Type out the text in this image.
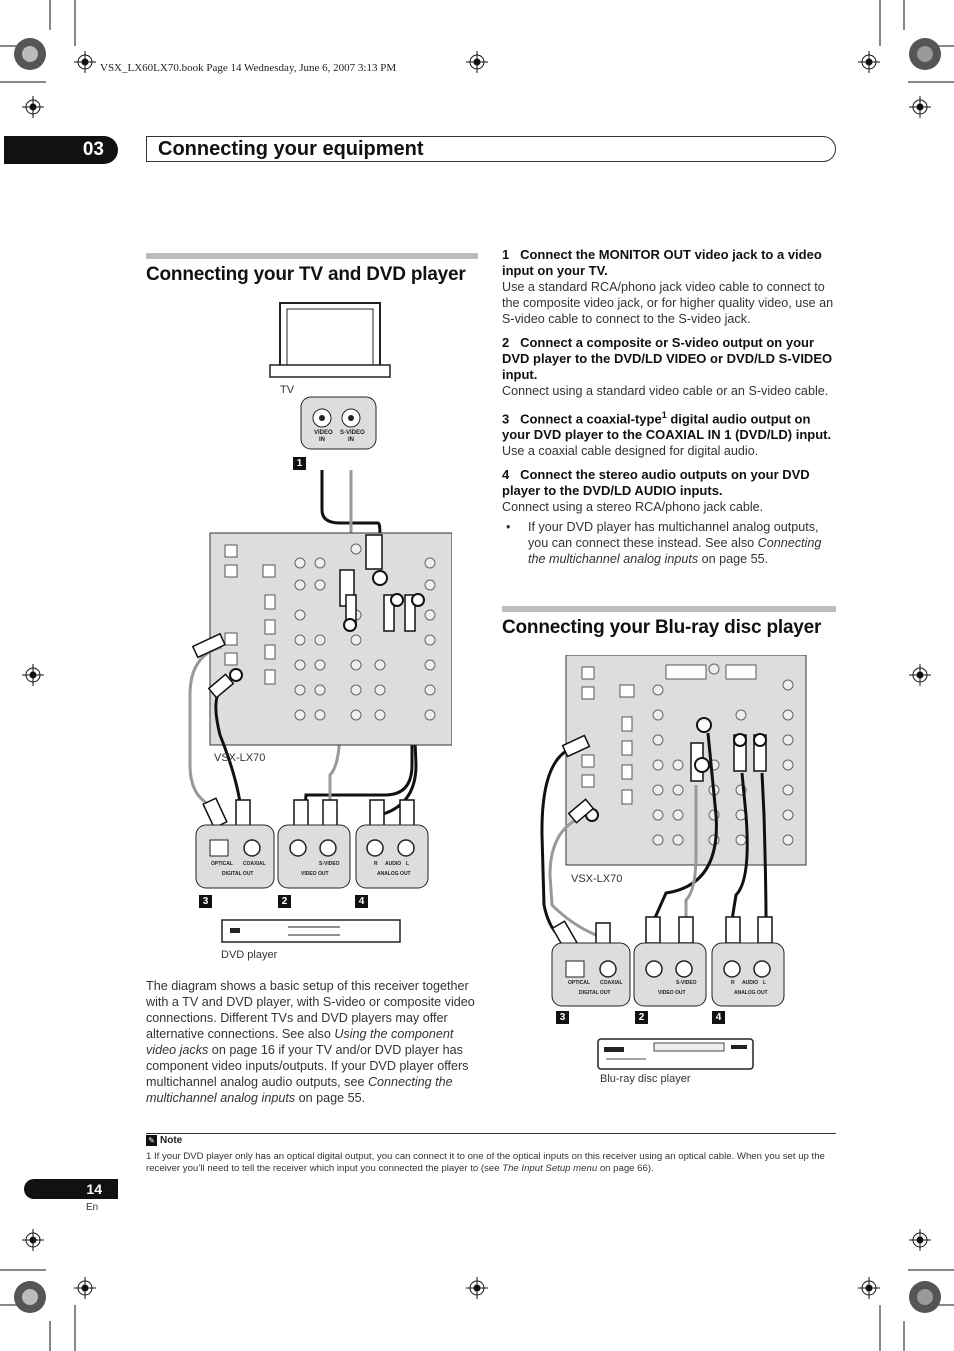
VSX_LX60LX70.book Page 14 Wednesday, June 6, 2007 3:13 PM
03	Connecting your equipment
Connecting your TV and DVD player
TV
VIDEO
IN
S-VIDEO
IN
1
VSX-LX70
OPTICAL COAXIAL
DIGITAL OUT
S-VIDEO
VIDEO OUT
R AUDIO L
ANALOG OUT
3	2	4
DVD player
The diagram shows a basic setup of this receiver together with a TV and DVD player, with S-video or composite video connections. Different TVs and DVD players may offer alternative connections. See also Using the component video jacks on page 16 if your TV and/or DVD player has component video inputs/outputs. If your DVD player offers multichannel analog audio outputs, see Connecting the multichannel analog inputs on page 55.
1 Connect the MONITOR OUT video jack to a video input on your TV.
Use a standard RCA/phono jack video cable to connect to the composite video jack, or for higher quality video, use an S-video cable to connect to the S-video jack.
2 Connect a composite or S-video output on your DVD player to the DVD/LD VIDEO or DVD/LD S-VIDEO input.
Connect using a standard video cable or an S-video cable.
3 Connect a coaxial-type$^1$ digital audio output on your DVD player to the COAXIAL IN 1 (DVD/LD) input.
Use a coaxial cable designed for digital audio.
4 Connect the stereo audio outputs on your DVD player to the DVD/LD AUDIO inputs.
Connect using a stereo RCA/phono jack cable.
•	If your DVD player has multichannel analog outputs, you can connect these instead. See also Connecting the multichannel analog inputs on page 55.
Connecting your Blu-ray disc player
VSX-LX70
OPTICAL COAXIAL
DIGITAL OUT
S-VIDEO
VIDEO OUT
R AUDIO L
ANALOG OUT
3	2	4
Blu-ray disc player
✎ Note
1 If your DVD player only has an optical digital output, you can connect it to one of the optical inputs on this receiver using an optical cable. When you set up the receiver you’ll need to tell the receiver which input you connected the player to (see The Input Setup menu on page 66).
14
En
